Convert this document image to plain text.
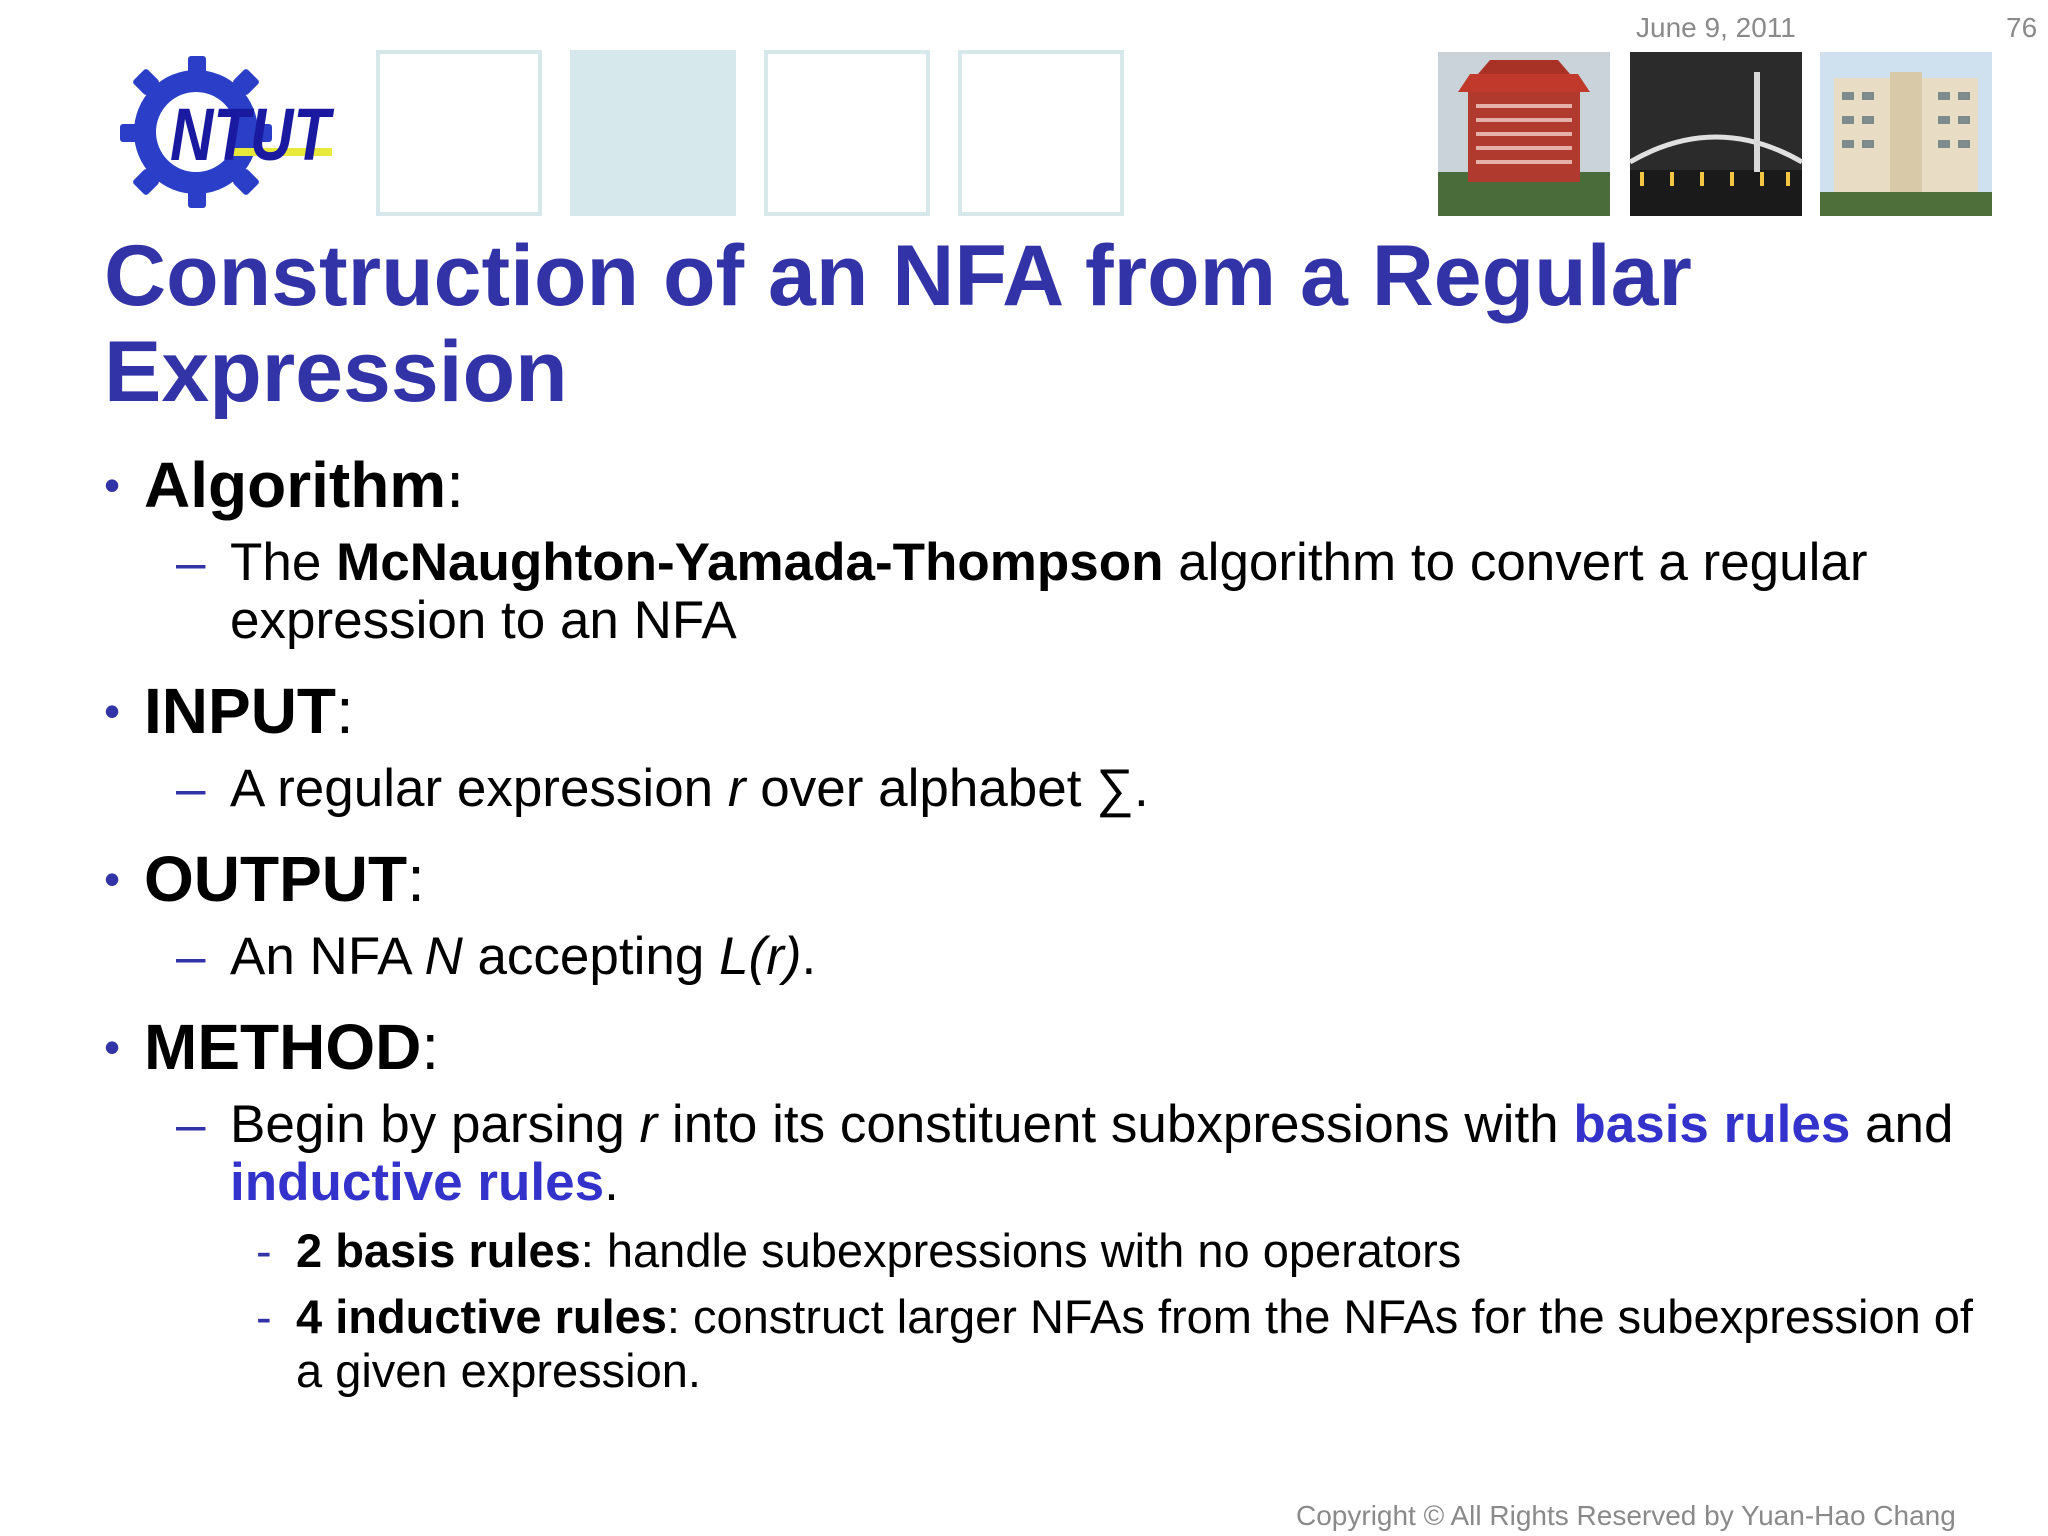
June 9, 2011	76
NTUT
Construction of an NFA from a Regular Expression
• Algorithm:
– The McNaughton-Yamada-Thompson algorithm to convert a regular expression to an NFA
• INPUT:
– A regular expression r over alphabet ∑.
• OUTPUT:
– An NFA N accepting L(r).
• METHOD:
– Begin by parsing r into its constituent subxpressions with basis rules and inductive rules.
- 2 basis rules: handle subexpressions with no operators
- 4 inductive rules: construct larger NFAs from the NFAs for the subexpression of a given expression.
Copyright © All Rights Reserved by Yuan-Hao Chang
